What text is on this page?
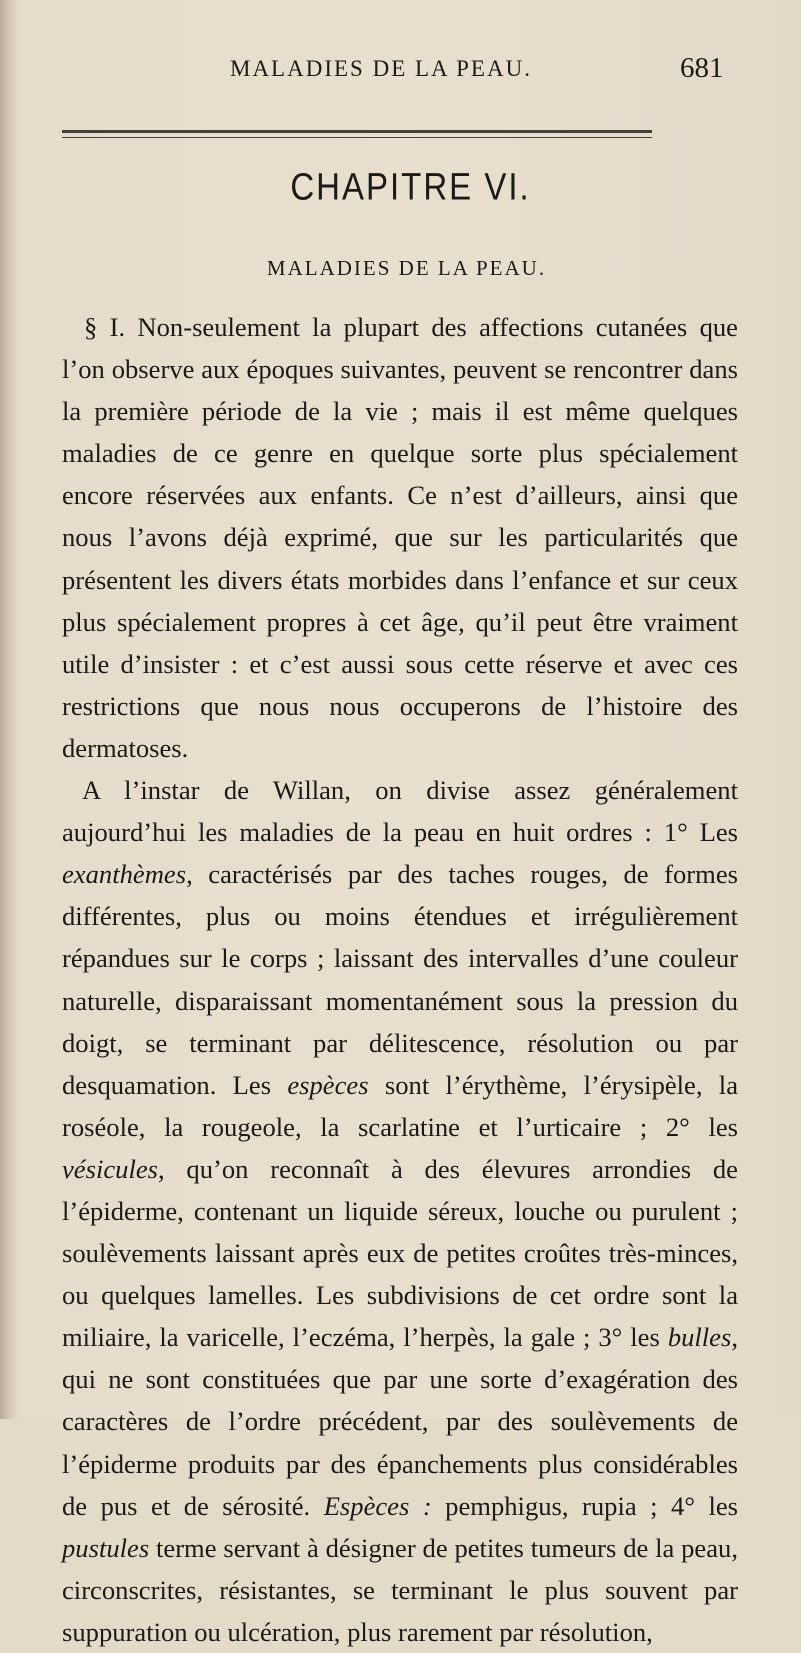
MALADIES DE LA PEAU.	681
CHAPITRE VI.
MALADIES DE LA PEAU.

§ I. Non-seulement la plupart des affections cutanées que l’on observe aux époques suivantes, peuvent se rencontrer dans la première période de la vie ; mais il est même quelques maladies de ce genre en quelque sorte plus spécialement encore réservées aux enfants. Ce n’est d’ailleurs, ainsi que nous l’avons déjà exprimé, que sur les particularités que présentent les divers états morbides dans l’enfance et sur ceux plus spécialement propres à cet âge, qu’il peut être vraiment utile d’insister : et c’est aussi sous cette réserve et avec ces restrictions que nous nous occuperons de l’histoire des dermatoses.

A l’instar de Willan, on divise assez généralement aujourd’hui les maladies de la peau en huit ordres : 1° Les exanthèmes, caractérisés par des taches rouges, de formes différentes, plus ou moins étendues et irrégulièrement répandues sur le corps ; laissant des intervalles d’une couleur naturelle, disparaissant momentanément sous la pression du doigt, se terminant par délitescence, résolution ou par desquamation. Les espèces sont l’érythème, l’érysipèle, la roséole, la rougeole, la scarlatine et l’urticaire ; 2° les vésicules, qu’on reconnaît à des élevures arrondies de l’épiderme, contenant un liquide séreux, louche ou purulent ; soulèvements laissant après eux de petites croûtes très-minces, ou quelques lamelles. Les subdivisions de cet ordre sont la miliaire, la varicelle, l’eczéma, l’herpès, la gale ; 3° les bulles, qui ne sont constituées que par une sorte d’exagération des caractères de l’ordre précédent, par des soulèvements de l’épiderme produits par des épanchements plus considérables de pus et de sérosité. Espèces : pemphigus, rupia ; 4° les pustules terme servant à désigner de petites tumeurs de la peau, circonscrites, résistantes, se terminant le plus souvent par suppuration ou ulcération, plus rarement par résolution,
